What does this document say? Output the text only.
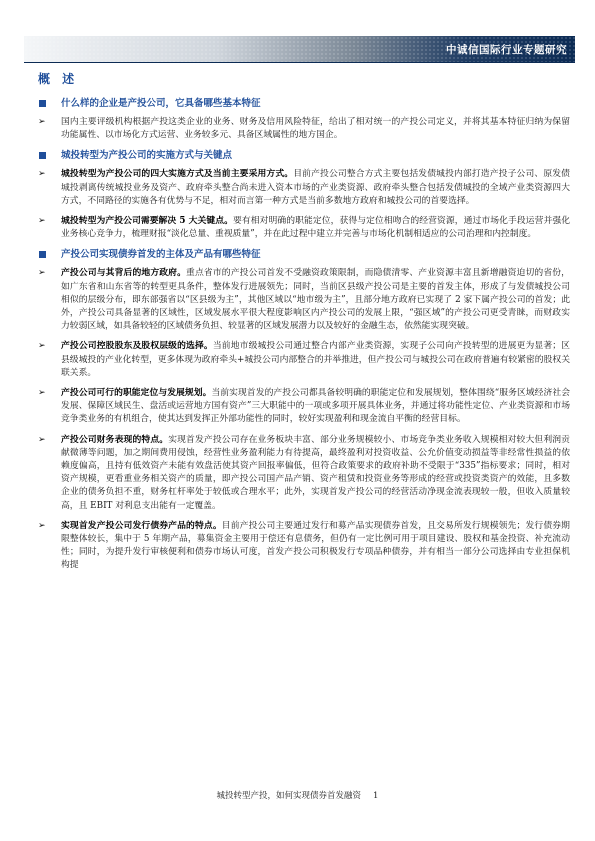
中诚信国际行业专题研究
概 述
什么样的企业是产投公司，它具备哪些基本特征
➢ 国内主要评级机构根据产投这类企业的业务、财务及信用风险特征，给出了相对统一的产投公司定义，并将其基本特征归纳为保留功能属性、以市场化方式运营、业务较多元、具备区域属性的地方国企。
城投转型为产投公司的实施方式与关键点
➢ 城投转型为产投公司的四大实施方式及当前主要采用方式。目前产投公司整合方式主要包括发债城投内部打造产投子公司、原发债城投剥离传统城投业务及资产、政府牵头整合尚未进入资本市场的产业类资源、政府牵头整合包括发债城投的全域产业类资源四大方式，不同路径的实施各有优势与不足，相对而言第一种方式是当前多数地方政府和城投公司的首要选择。
➢ 城投转型为产投公司需要解决 5 大关键点。要有相对明确的职能定位，获得与定位相吻合的经营资源，通过市场化手段运营并强化业务核心竞争力，梳理财报“淡化总量、重视质量”，并在此过程中建立并完善与市场化机制相适应的公司治理和内控制度。
产投公司实现债券首发的主体及产品有哪些特征
➢ 产投公司与其背后的地方政府。重点省市的产投公司首发不受融资政策限制，而隐债清零、产业资源丰富且新增融资迫切的省份，如广东省和山东省等的转型更具条件，整体发行进展领先；同时，当前区县级产投公司是主要的首发主体，形成了与发债城投公司相似的层级分布，即东部强省以“区县级为主”，其他区域以“地市级为主”，且部分地方政府已实现了 2 家下属产投公司的首发；此外，产投公司具备显著的区域性，区域发展水平很大程度影响区内产投公司的发展上限，“强区域”的产投公司更受青睐，而财政实力较弱区域，如具备较轻的区域债务负担、较显著的区域发展潜力以及较好的金融生态，依然能实现突破。
➢ 产投公司控股股东及股权层级的选择。当前地市级城投公司通过整合内部产业类资源，实现子公司向产投转型的进展更为显著；区县级城投的产业化转型，更多体现为政府牵头+城投公司内部整合的并举推进，但产投公司与城投公司在政府普遍有较紧密的股权关联关系。
➢ 产投公司可行的职能定位与发展规划。当前实现首发的产投公司都具备较明确的职能定位和发展规划，整体围绕“服务区域经济社会发展、保障区域民生、盘活或运营地方国有资产”三大职能中的一项或多项开展具体业务，并通过将功能性定位、产业类资源和市场竞争类业务的有机组合，使其达到发挥正外部功能性的同时，较好实现盈利和现金流自平衡的经营目标。
➢ 产投公司财务表现的特点。实现首发产投公司存在业务板块丰富、部分业务规模较小、市场竞争类业务收入规模相对较大但利润贡献微薄等问题，加之期间费用侵蚀，经营性业务盈利能力有待提高，最终盈利对投资收益、公允价值变动损益等非经常性损益的依赖度偏高，且持有低效资产未能有效盘活使其资产回报率偏低，但符合政策要求的政府补助不受限于“335”指标要求；同时，相对资产规模，更看重业务相关资产的质量，即产投公司国产品产销、资产租赁和投资业务等形成的经营或投资类资产的效能，且多数企业的债务负担不重，财务杠杆率处于较低或合理水平；此外，实现首发产投公司的经营活动净现金流表现较一般，但收入质量较高，且 EBIT 对利息支出能有一定覆盖。
➢ 实现首发产投公司发行债券产品的特点。目前产投公司主要通过发行和募产品实现债券首发，且交易所发行规模领先；发行债券期限整体较长，集中于 5 年期产品，募集资金主要用于偿还有息债务，但仍有一定比例可用于项目建设、股权和基金投资、补充流动性；同时，为提升发行审核便利和债券市场认可度，首发产投公司积极发行专项品种债券，并有相当一部分公司选择由专业担保机构提
城投转型产投，如何实现债券首发融资 1
